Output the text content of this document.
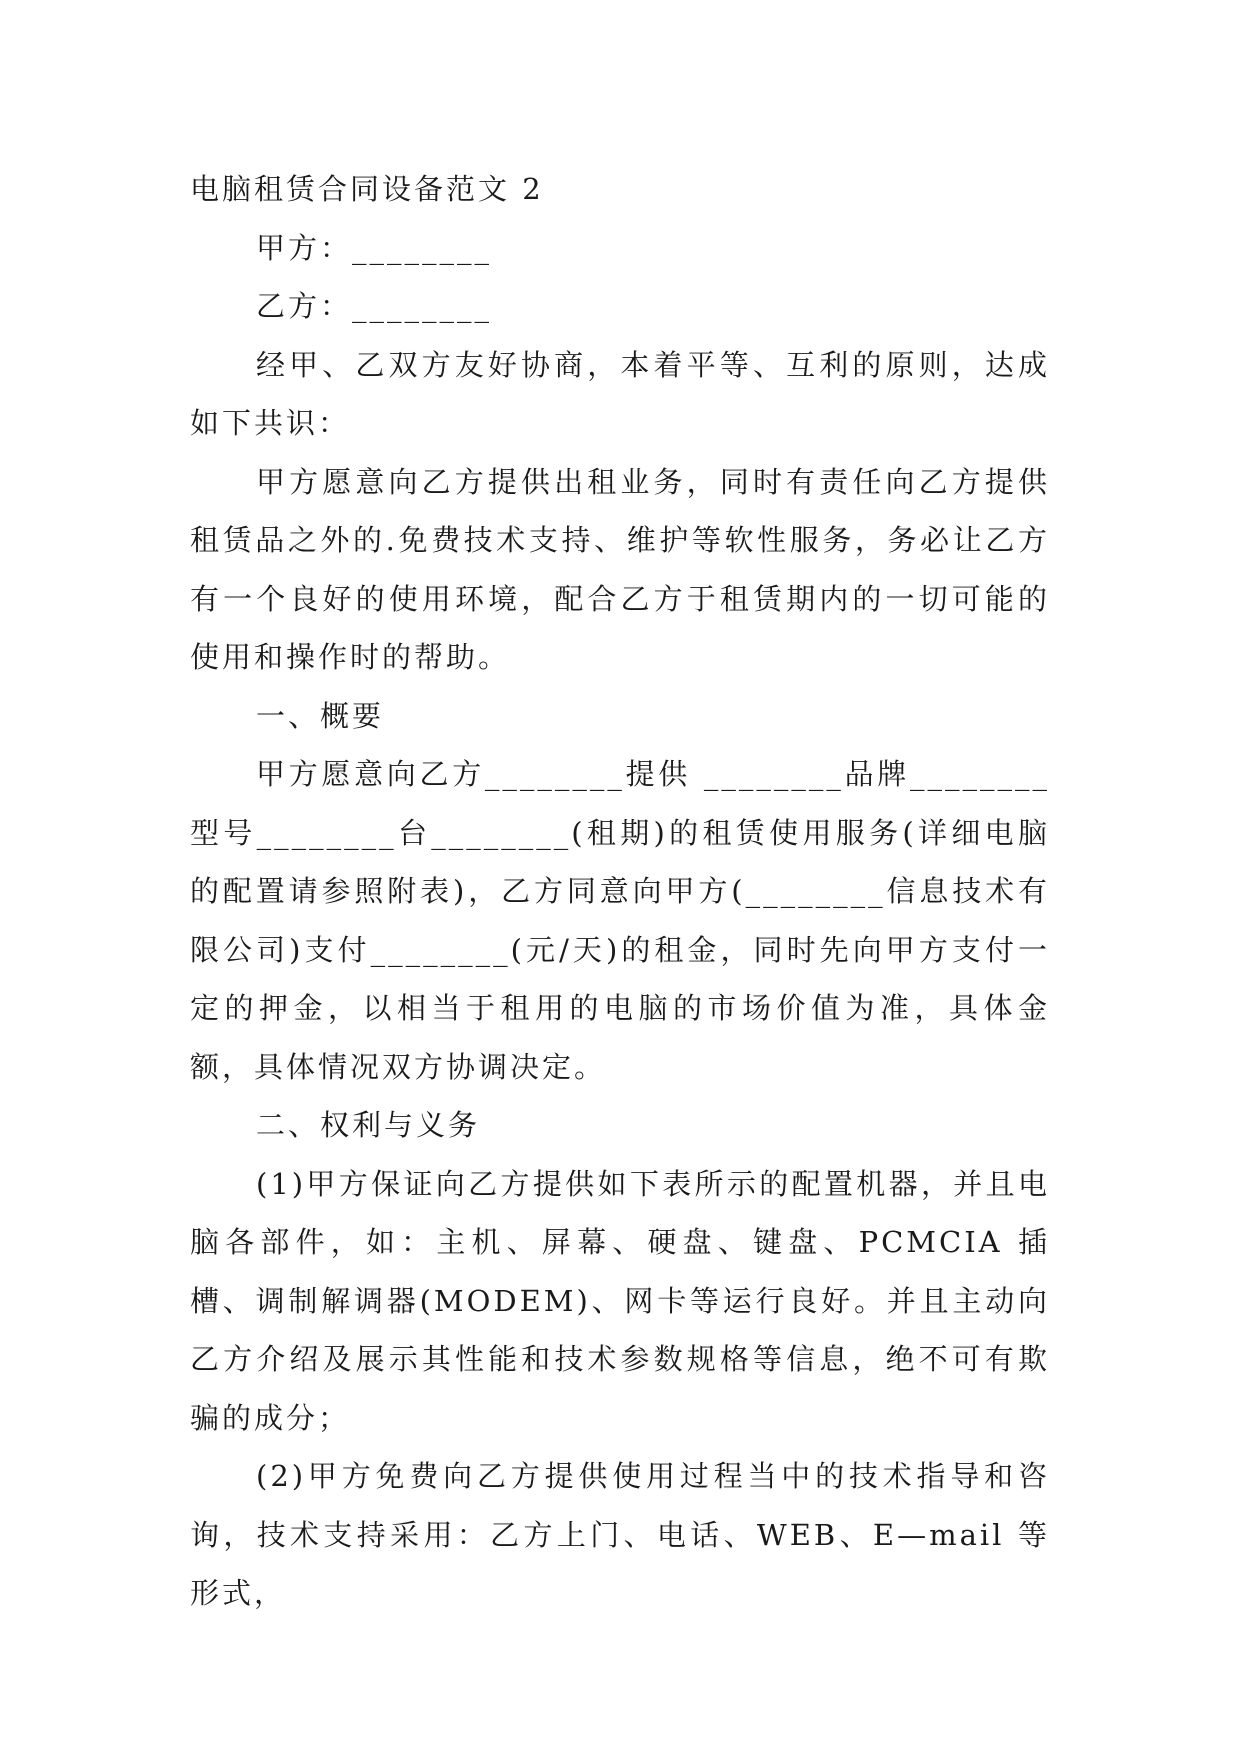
电脑租赁合同设备范文 2

甲方：________

乙方：________

经甲、乙双方友好协商，本着平等、互利的原则，达成如下共识：

甲方愿意向乙方提供出租业务，同时有责任向乙方提供租赁品之外的.免费技术支持、维护等软性服务，务必让乙方有一个良好的使用环境，配合乙方于租赁期内的一切可能的使用和操作时的帮助。

一、概要

甲方愿意向乙方________提供 ________品牌________型号________台________(租期)的租赁使用服务(详细电脑的配置请参照附表)，乙方同意向甲方(________信息技术有限公司)支付________(元/天)的租金，同时先向甲方支付一定的押金，以相当于租用的电脑的市场价值为准，具体金额，具体情况双方协调决定。

二、权利与义务

(1)甲方保证向乙方提供如下表所示的配置机器，并且电脑各部件，如：主机、屏幕、硬盘、键盘、PCMCIA 插槽、调制解调器(MODEM)、网卡等运行良好。并且主动向乙方介绍及展示其性能和技术参数规格等信息，绝不可有欺骗的成分；

(2)甲方免费向乙方提供使用过程当中的技术指导和咨询，技术支持采用：乙方上门、电话、WEB、E—mail 等形式，
